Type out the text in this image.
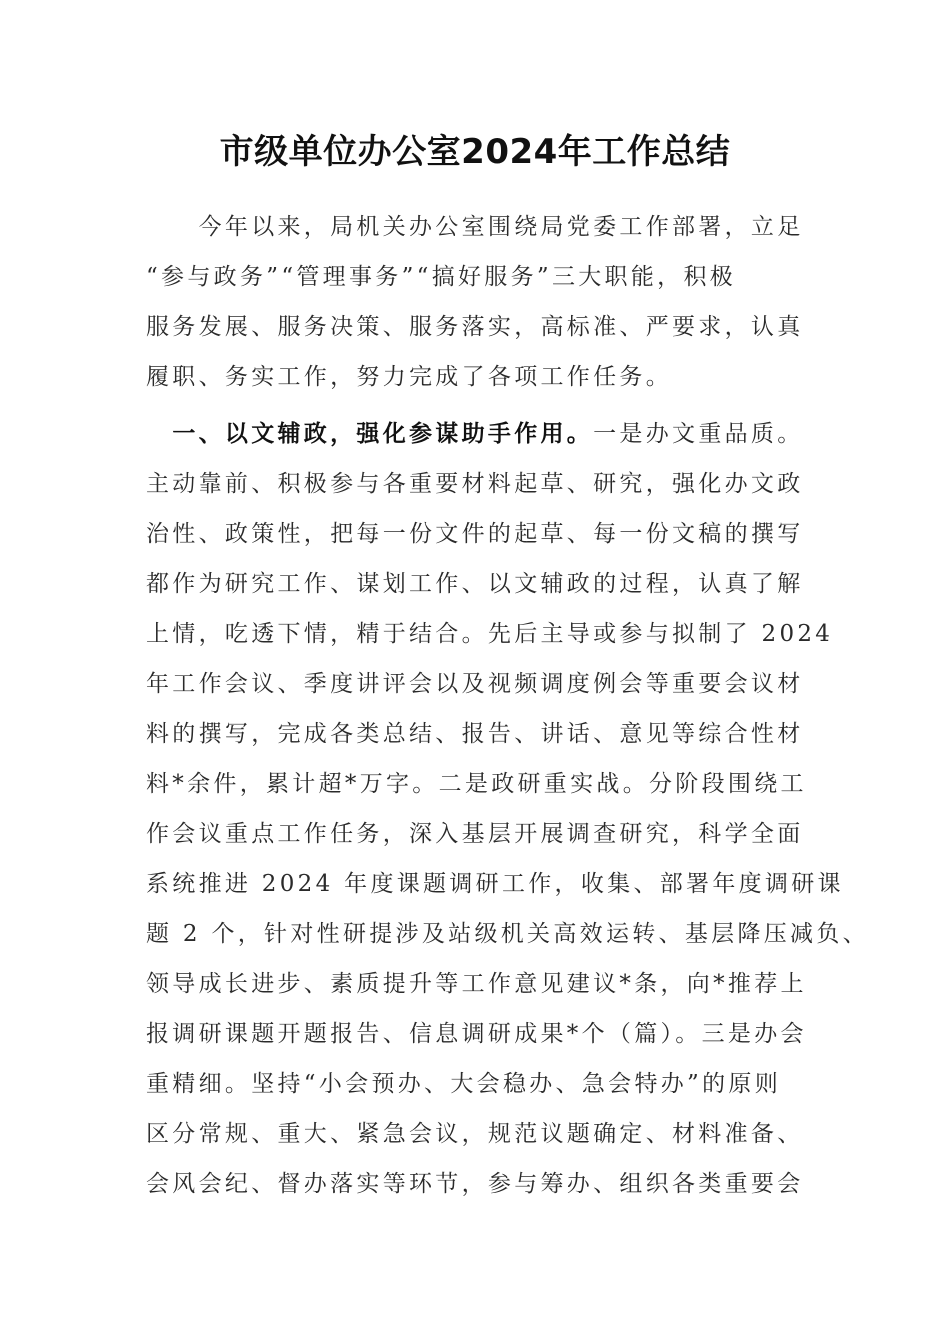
市级单位办公室2024年工作总结
　　今年以来，局机关办公室围绕局党委工作部署，立足
“参与政务”“管理事务”“搞好服务”三大职能，积极
服务发展、服务决策、服务落实，高标准、严要求，认真
履职、务实工作，努力完成了各项工作任务。
　一、以文辅政，强化参谋助手作用。一是办文重品质。
主动靠前、积极参与各重要材料起草、研究，强化办文政
治性、政策性，把每一份文件的起草、每一份文稿的撰写
都作为研究工作、谋划工作、以文辅政的过程，认真了解
上情，吃透下情，精于结合。先后主导或参与拟制了 2024
年工作会议、季度讲评会以及视频调度例会等重要会议材
料的撰写，完成各类总结、报告、讲话、意见等综合性材
料*余件，累计超*万字。二是政研重实战。分阶段围绕工
作会议重点工作任务，深入基层开展调查研究，科学全面
系统推进 2024 年度课题调研工作，收集、部署年度调研课
题 2 个，针对性研提涉及站级机关高效运转、基层降压减负、
领导成长进步、素质提升等工作意见建议*条，向*推荐上
报调研课题开题报告、信息调研成果*个（篇）。三是办会
重精细。坚持“小会预办、大会稳办、急会特办”的原则
区分常规、重大、紧急会议，规范议题确定、材料准备、
会风会纪、督办落实等环节，参与筹办、组织各类重要会
